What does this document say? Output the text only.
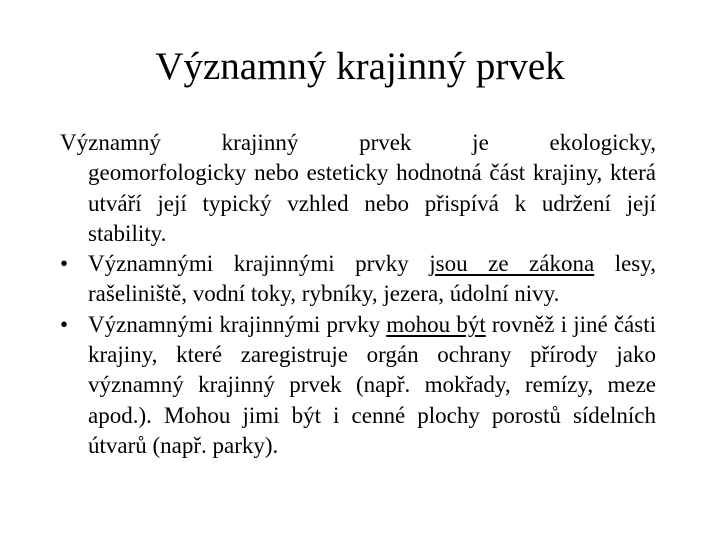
Významný krajinný prvek

Významný krajinný prvek je ekologicky,
geomorfologicky nebo esteticky hodnotná část krajiny, která utváří její typický vzhled nebo přispívá k udržení její stability.

• Významnými krajinnými prvky jsou ze zákona lesy, rašeliniště, vodní toky, rybníky, jezera, údolní nivy.

• Významnými krajinnými prvky mohou být rovněž i jiné části krajiny, které zaregistruje orgán ochrany přírody jako významný krajinný prvek (např. mokřady, remízy, meze apod.). Mohou jimi být i cenné plochy porostů sídelních útvarů (např. parky).
